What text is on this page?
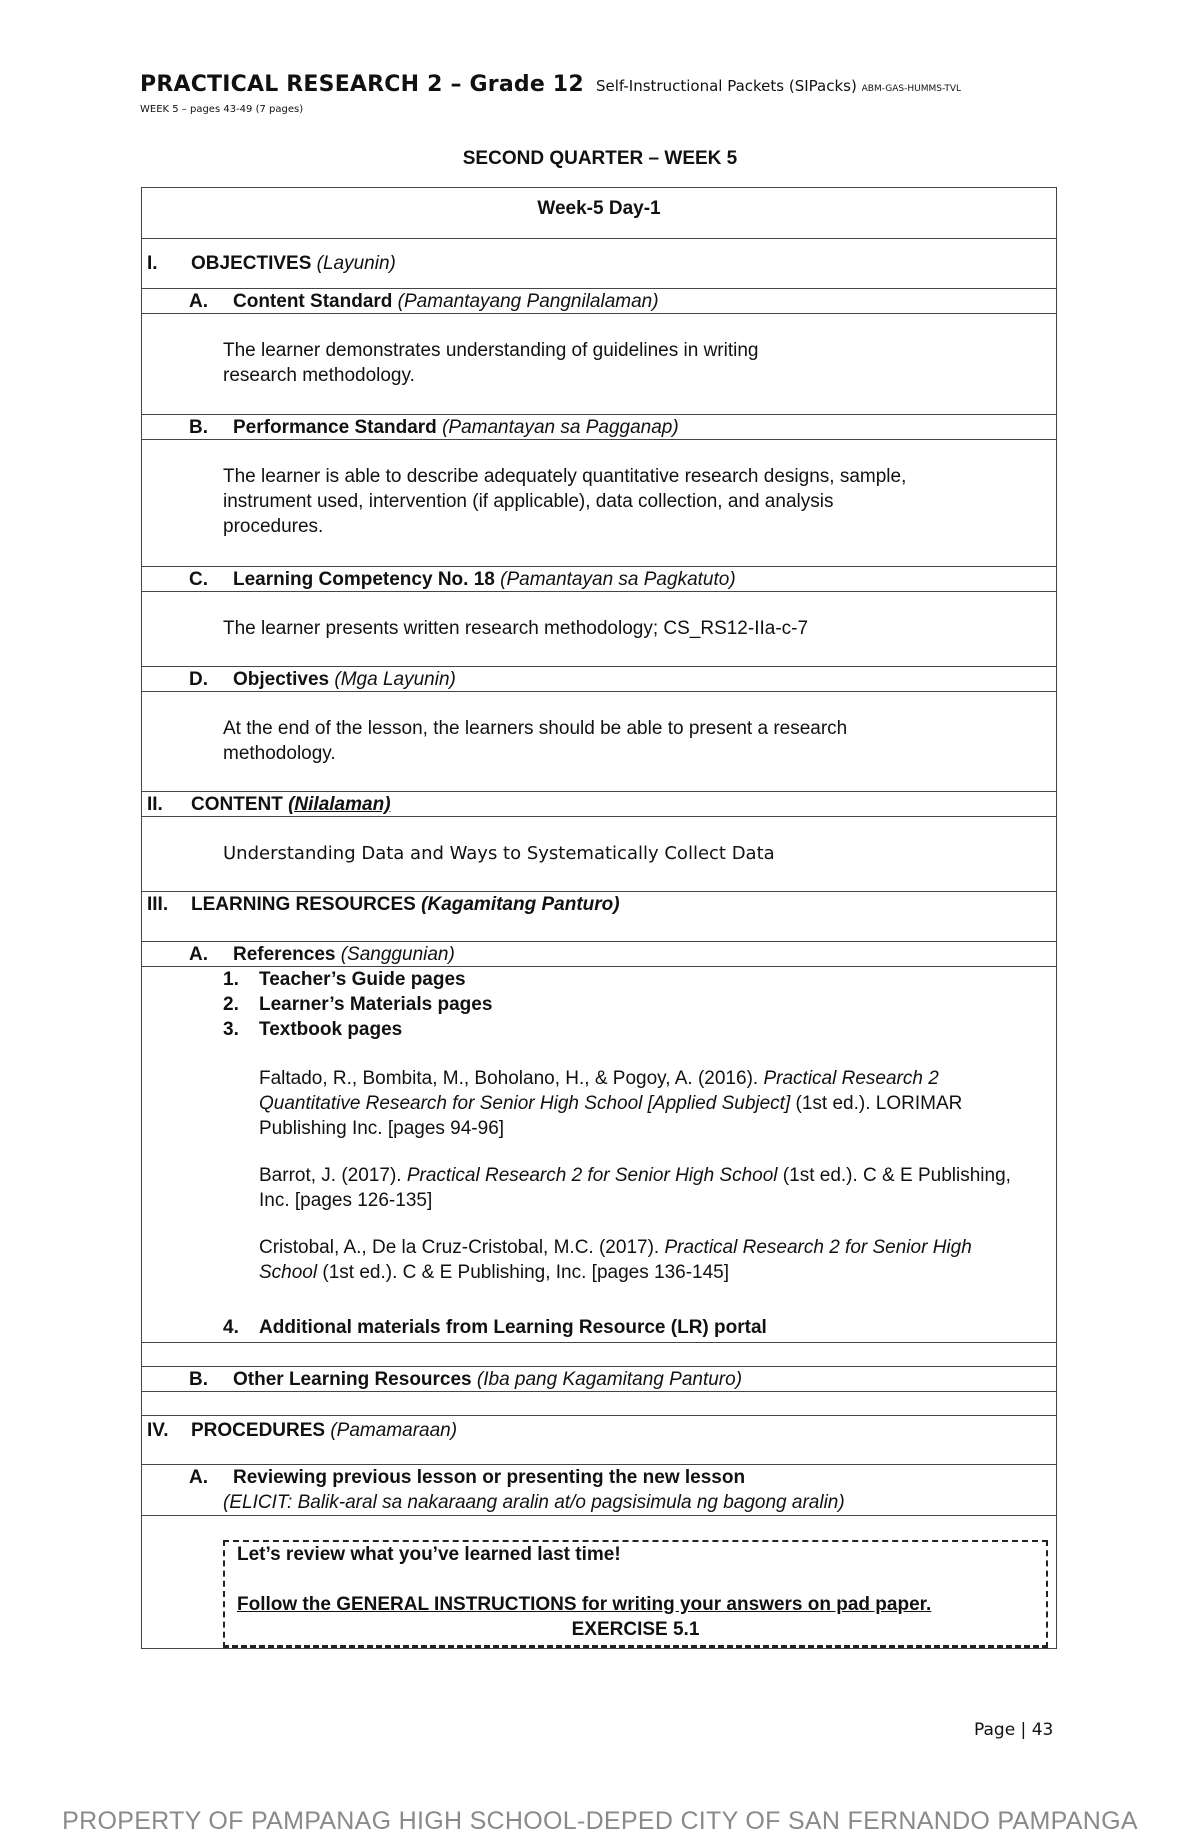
PRACTICAL RESEARCH 2 – Grade 12
WEEK 5 – pages 43-49 (7 pages)
Self-Instructional Packets (SIPacks) ABM-GAS-HUMMS-TVL
SECOND QUARTER – WEEK 5
Week-5 Day-1
I. OBJECTIVES (Layunin)
A. Content Standard (Pamantayang Pangnilalaman)
The learner demonstrates understanding of guidelines in writing research methodology.
B. Performance Standard (Pamantayan sa Pagganap)
The learner is able to describe adequately quantitative research designs, sample, instrument used, intervention (if applicable), data collection, and analysis procedures.
C. Learning Competency No. 18 (Pamantayan sa Pagkatuto)
The learner presents written research methodology; CS_RS12-IIa-c-7
D. Objectives (Mga Layunin)
At the end of the lesson, the learners should be able to present a research methodology.
II. CONTENT (Nilalaman)
Understanding Data and Ways to Systematically Collect Data
III. LEARNING RESOURCES (Kagamitang Panturo)
A. References (Sanggunian)
1.	Teacher’s Guide pages
2.	Learner’s Materials pages
3.	Textbook pages

Faltado, R., Bombita, M., Boholano, H., & Pogoy, A. (2016). Practical Research 2 Quantitative Research for Senior High School [Applied Subject] (1st ed.). LORIMAR Publishing Inc. [pages 94-96]

Barrot, J. (2017). Practical Research 2 for Senior High School (1st ed.). C & E Publishing, Inc. [pages 126-135]

Cristobal, A., De la Cruz-Cristobal, M.C. (2017). Practical Research 2 for Senior High School (1st ed.). C & E Publishing, Inc. [pages 136-145]

4.	Additional materials from Learning Resource (LR) portal
B. Other Learning Resources (Iba pang Kagamitang Panturo)
IV. PROCEDURES (Pamamaraan)
A. Reviewing previous lesson or presenting the new lesson
(ELICIT: Balik-aral sa nakaraang aralin at/o pagsisimula ng bagong aralin)
Let’s review what you’ve learned last time!
Follow the GENERAL INSTRUCTIONS for writing your answers on pad paper.
EXERCISE 5.1
Page | 43
PROPERTY OF PAMPANAG HIGH SCHOOL-DEPED CITY OF SAN FERNANDO PAMPANGA
